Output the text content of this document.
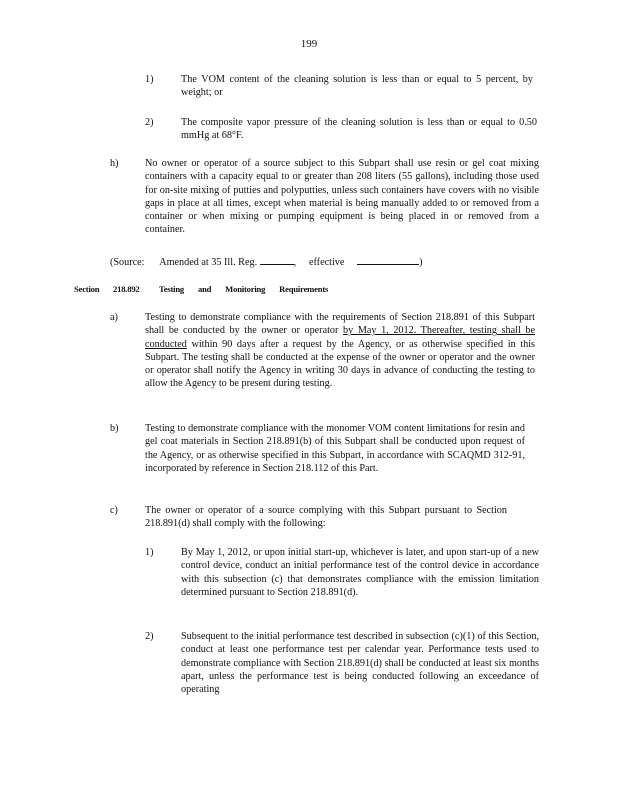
199
1)	The VOM content of the cleaning solution is less than or equal to 5 percent, by weight; or
2)	The composite vapor pressure of the cleaning solution is less than or equal to 0.50 mmHg at 68°F.
h)	No owner or operator of a source subject to this Subpart shall use resin or gel coat mixing containers with a capacity equal to or greater than 208 liters (55 gallons), including those used for on-site mixing of putties and polyputties, unless such containers have covers with no visible gaps in place at all times, except when material is being manually added to or removed from a container or when mixing or pumping equipment is being placed in or removed from a container.
(Source: Amended at 35 Ill. Reg.	, effective	)
Section 218.892 Testing and Monitoring Requirements
a)	Testing to demonstrate compliance with the requirements of Section 218.891 of this Subpart shall be conducted by the owner or operator by May 1, 2012. Thereafter, testing shall be conducted within 90 days after a request by the Agency, or as otherwise specified in this Subpart. The testing shall be conducted at the expense of the owner or operator and the owner or operator shall notify the Agency in writing 30 days in advance of conducting the testing to allow the Agency to be present during testing.
b)	Testing to demonstrate compliance with the monomer VOM content limitations for resin and gel coat materials in Section 218.891(b) of this Subpart shall be conducted upon request of the Agency, or as otherwise specified in this Subpart, in accordance with SCAQMD 312-91, incorporated by reference in Section 218.112 of this Part.
c)	The owner or operator of a source complying with this Subpart pursuant to Section 218.891(d) shall comply with the following:
1)	By May 1, 2012, or upon initial start-up, whichever is later, and upon start-up of a new control device, conduct an initial performance test of the control device in accordance with this subsection (c) that demonstrates compliance with the emission limitation determined pursuant to Section 218.891(d).
2)	Subsequent to the initial performance test described in subsection (c)(1) of this Section, conduct at least one performance test per calendar year. Performance tests used to demonstrate compliance with Section 218.891(d) shall be conducted at least six months apart, unless the performance test is being conducted following an exceedance of operating
